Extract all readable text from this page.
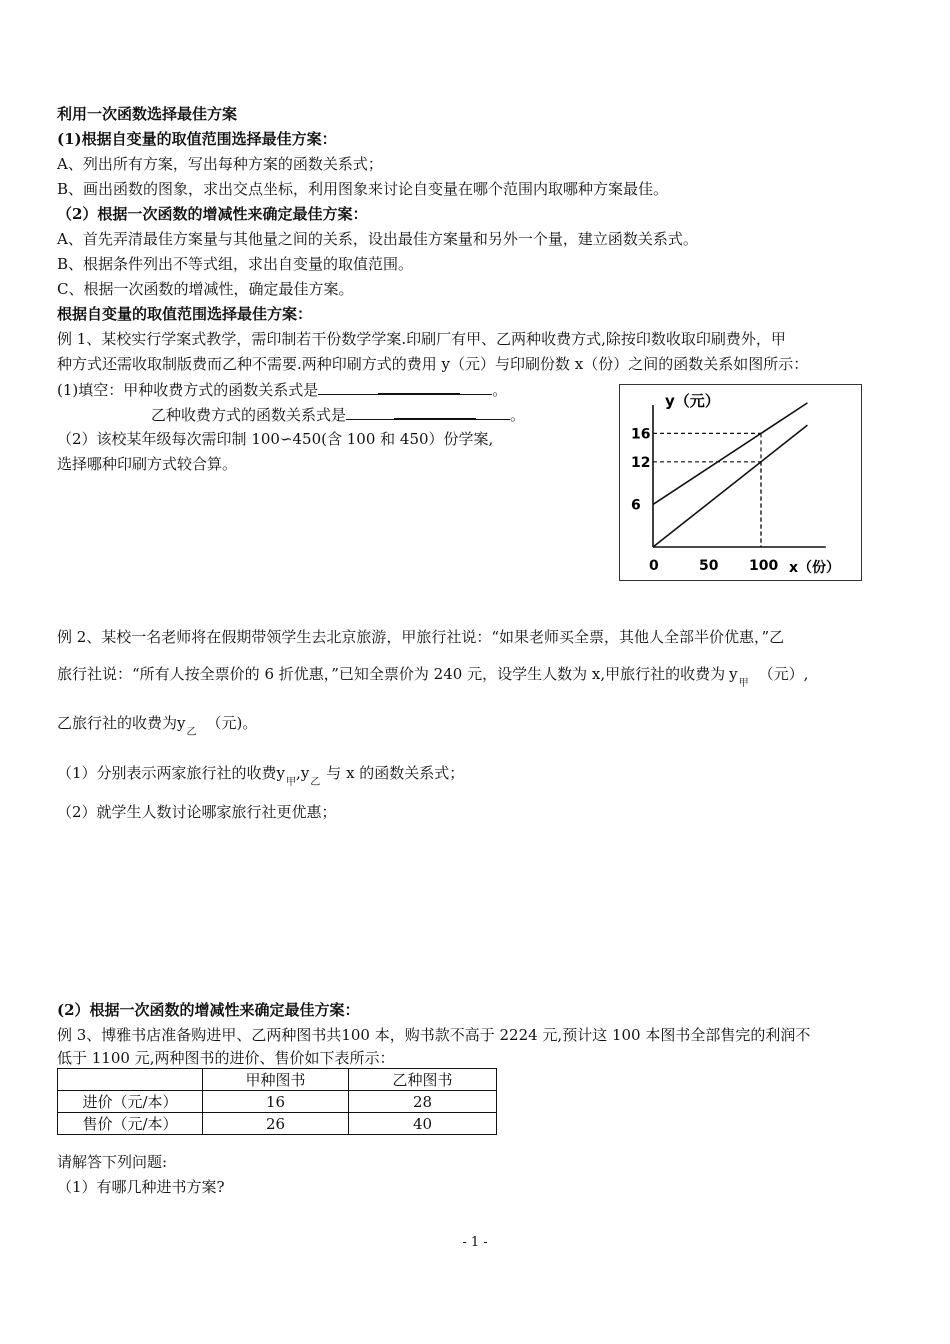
利用一次函数选择最佳方案
(1)根据自变量的取值范围选择最佳方案：
A、列出所有方案，写出每种方案的函数关系式；
B、画出函数的图象，求出交点坐标，利用图象来讨论自变量在哪个范围内取哪种方案最佳。
（2）根据一次函数的增减性来确定最佳方案：
A、首先弄清最佳方案量与其他量之间的关系，设出最佳方案量和另外一个量，建立函数关系式。
B、根据条件列出不等式组，求出自变量的取值范围。
C、根据一次函数的增减性，确定最佳方案。
根据自变量的取值范围选择最佳方案：
例 1、某校实行学案式教学，需印制若干份数学学案.印刷厂有甲、乙两种收费方式,除按印数收取印刷费外，甲
种方式还需收取制版费而乙种不需要.两种印刷方式的费用 y（元）与印刷份数 x（份）之间的函数关系如图所示：
(1)填空：甲种收费方式的函数关系式是	。
乙种收费方式的函数关系式是	。
（2）该校某年级每次需印制 100∽450(含 100 和 450）份学案,
选择哪种印刷方式较合算。
6
12
16
0	50 100
y（元）
x（份）
例 2、某校一名老师将在假期带领学生去北京旅游，甲旅行社说：“如果老师买全票，其他人全部半价优惠，”乙
旅行社说：“所有人按全票价的 6 折优惠，”已知全票价为 240 元，设学生人数为 x,甲旅行社的收费为 $y_甲$（元）,
乙旅行社的收费为$y_乙$（元)。
（1）分别表示两家旅行社的收费$y_甲,y_乙$与 x 的函数关系式；
（2）就学生人数讨论哪家旅行社更优惠；
(2）根据一次函数的增减性来确定最佳方案：
例 3、博雅书店准备购进甲、乙两种图书共100 本，购书款不高于 2224 元,预计这 100 本图书全部售完的利润不
低于 1100 元,两种图书的进价、售价如下表所示：
	甲种图书	乙种图书
进价（元/本）	16	28
售价（元/本）	26	40
请解答下列问题:
（1）有哪几种进书方案?
- 1 -
